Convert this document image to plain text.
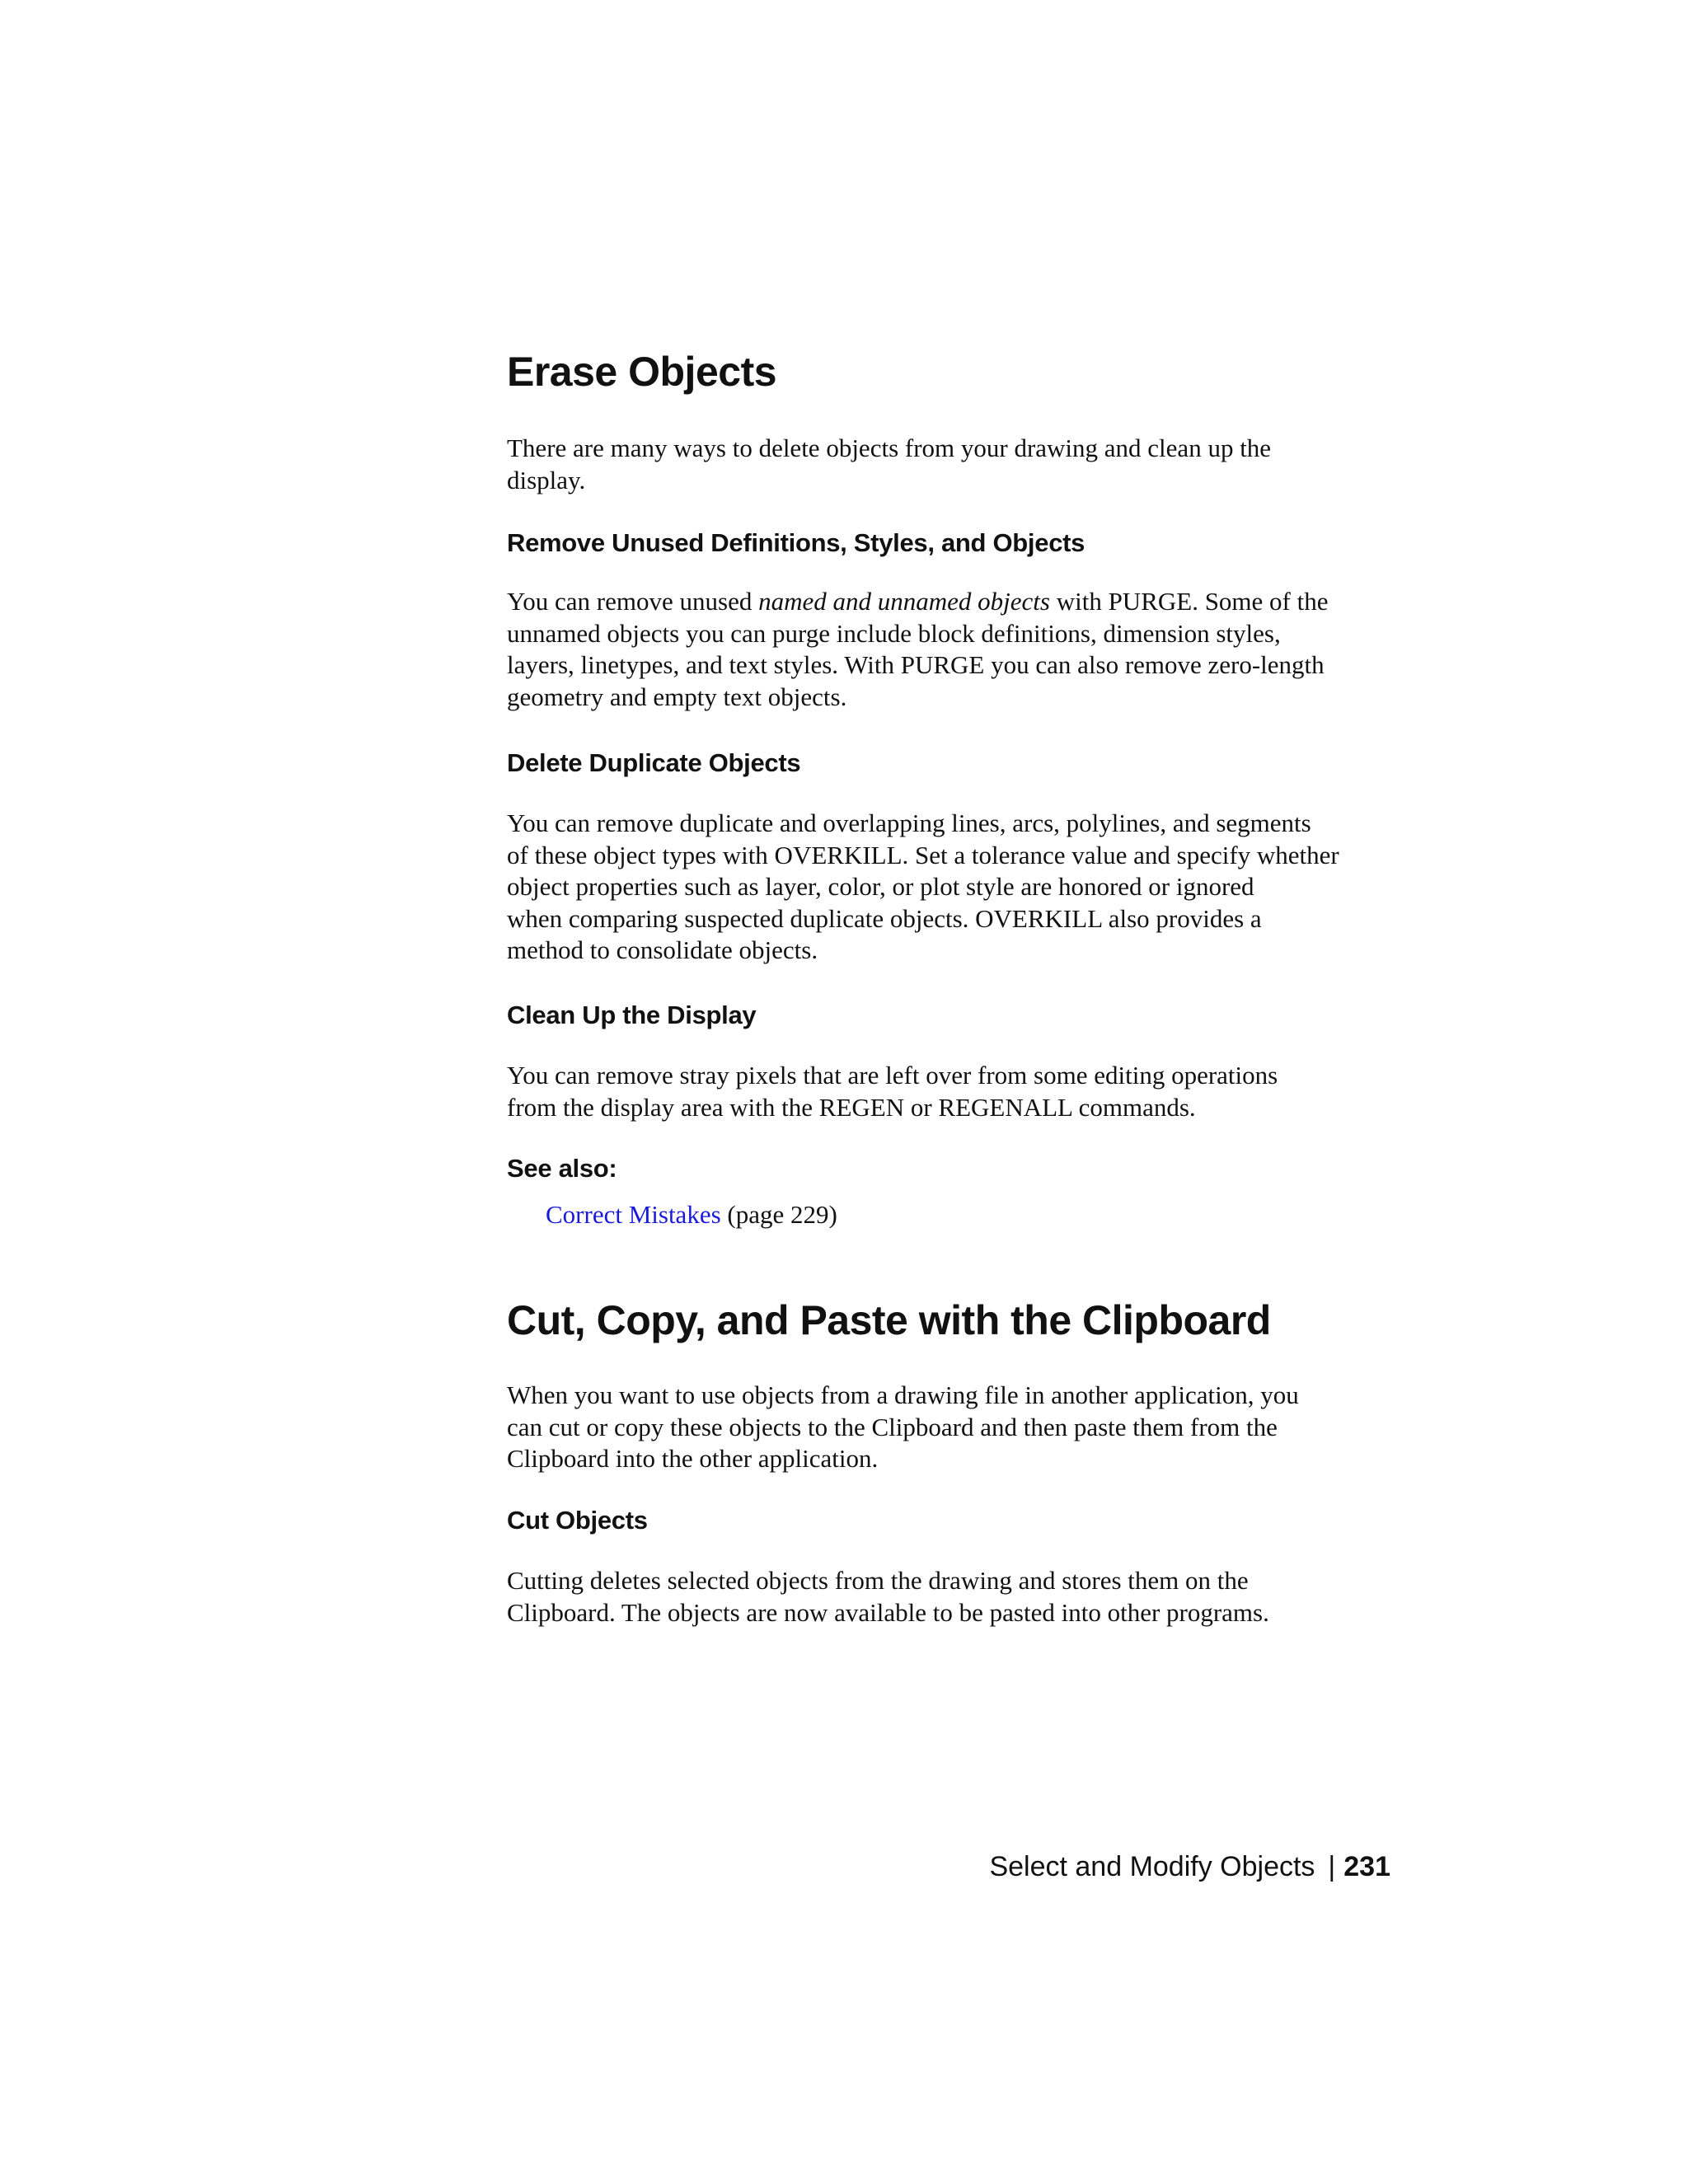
Erase Objects
There are many ways to delete objects from your drawing and clean up the
display.
Remove Unused Definitions, Styles, and Objects
You can remove unused named and unnamed objects with PURGE. Some of the
unnamed objects you can purge include block definitions, dimension styles,
layers, linetypes, and text styles. With PURGE you can also remove zero-length
geometry and empty text objects.
Delete Duplicate Objects
You can remove duplicate and overlapping lines, arcs, polylines, and segments
of these object types with OVERKILL. Set a tolerance value and specify whether
object properties such as layer, color, or plot style are honored or ignored
when comparing suspected duplicate objects. OVERKILL also provides a
method to consolidate objects.
Clean Up the Display
You can remove stray pixels that are left over from some editing operations
from the display area with the REGEN or REGENALL commands.
See also:
Correct Mistakes (page 229)
Cut, Copy, and Paste with the Clipboard
When you want to use objects from a drawing file in another application, you
can cut or copy these objects to the Clipboard and then paste them from the
Clipboard into the other application.
Cut Objects
Cutting deletes selected objects from the drawing and stores them on the
Clipboard. The objects are now available to be pasted into other programs.
Select and Modify Objects | 231
